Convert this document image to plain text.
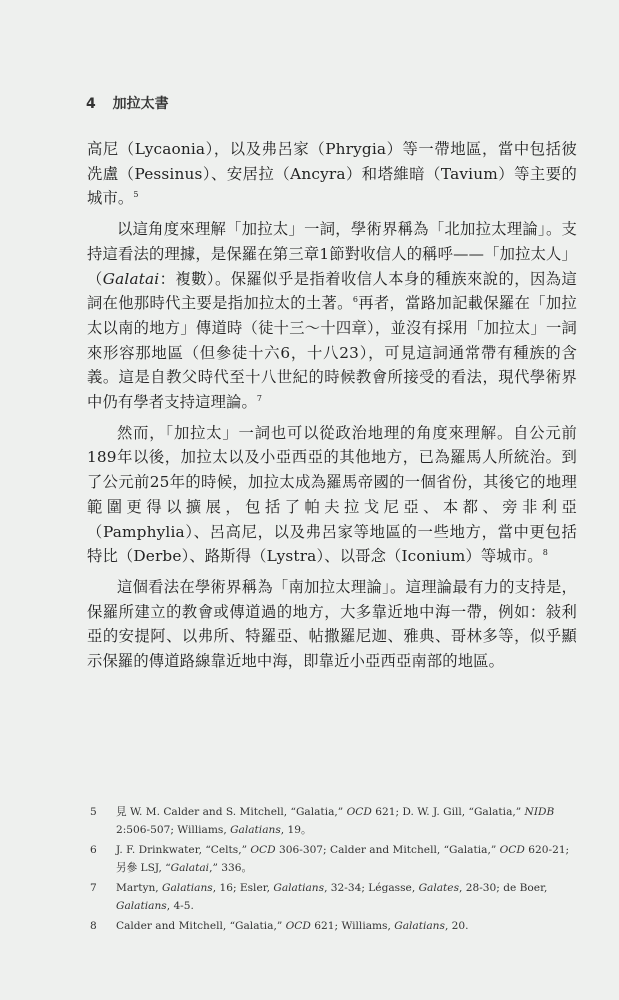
4 加拉太書

高尼（Lycaonia），以及弗呂家（Phrygia）等一帶地區，當中包括彼冼盧（Pessinus）、安居拉（Ancyra）和塔維暗（Tavium）等主要的城市。$^5$

以這角度來理解「加拉太」一詞，學術界稱為「北加拉太理論」。支持這看法的理據，是保羅在第三章1節對收信人的稱呼——「加拉太人」（Galatai：複數）。保羅似乎是指着收信人本身的種族來說的，因為這詞在他那時代主要是指加拉太的土著。$^6$再者，當路加記載保羅在「加拉太以南的地方」傳道時（徒十三～十四章），並沒有採用「加拉太」一詞來形容那地區（但參徒十六6，十八23），可見這詞通常帶有種族的含義。這是自教父時代至十八世紀的時候教會所接受的看法，現代學術界中仍有學者支持這理論。$^7$

然而，「加拉太」一詞也可以從政治地理的角度來理解。自公元前189年以後，加拉太以及小亞西亞的其他地方，已為羅馬人所統治。到了公元前25年的時候，加拉太成為羅馬帝國的一個省份，其後它的地理範圍更得以擴展，包括了帕夫拉戈尼亞、本都、旁非利亞（Pamphylia）、呂高尼，以及弗呂家等地區的一些地方，當中更包括特比（Derbe）、路斯得（Lystra）、以哥念（Iconium）等城市。$^8$

這個看法在學術界稱為「南加拉太理論」。這理論最有力的支持是，保羅所建立的教會或傳道過的地方，大多靠近地中海一帶，例如：敍利亞的安提阿、以弗所、特羅亞、帖撒羅尼迦、雅典、哥林多等，似乎顯示保羅的傳道路線靠近地中海，即靠近小亞西亞南部的地區。

5 見 W. M. Calder and S. Mitchell, “Galatia,” OCD 621; D. W. J. Gill, “Galatia,” NIDB 2:506-507; Williams, Galatians, 19。
6 J. F. Drinkwater, “Celts,” OCD 306-307; Calder and Mitchell, “Galatia,” OCD 620-21; 另參 LSJ, “Galatai,” 336。
7 Martyn, Galatians, 16; Esler, Galatians, 32-34; Légasse, Galates, 28-30; de Boer, Galatians, 4-5.
8 Calder and Mitchell, “Galatia,” OCD 621; Williams, Galatians, 20.
